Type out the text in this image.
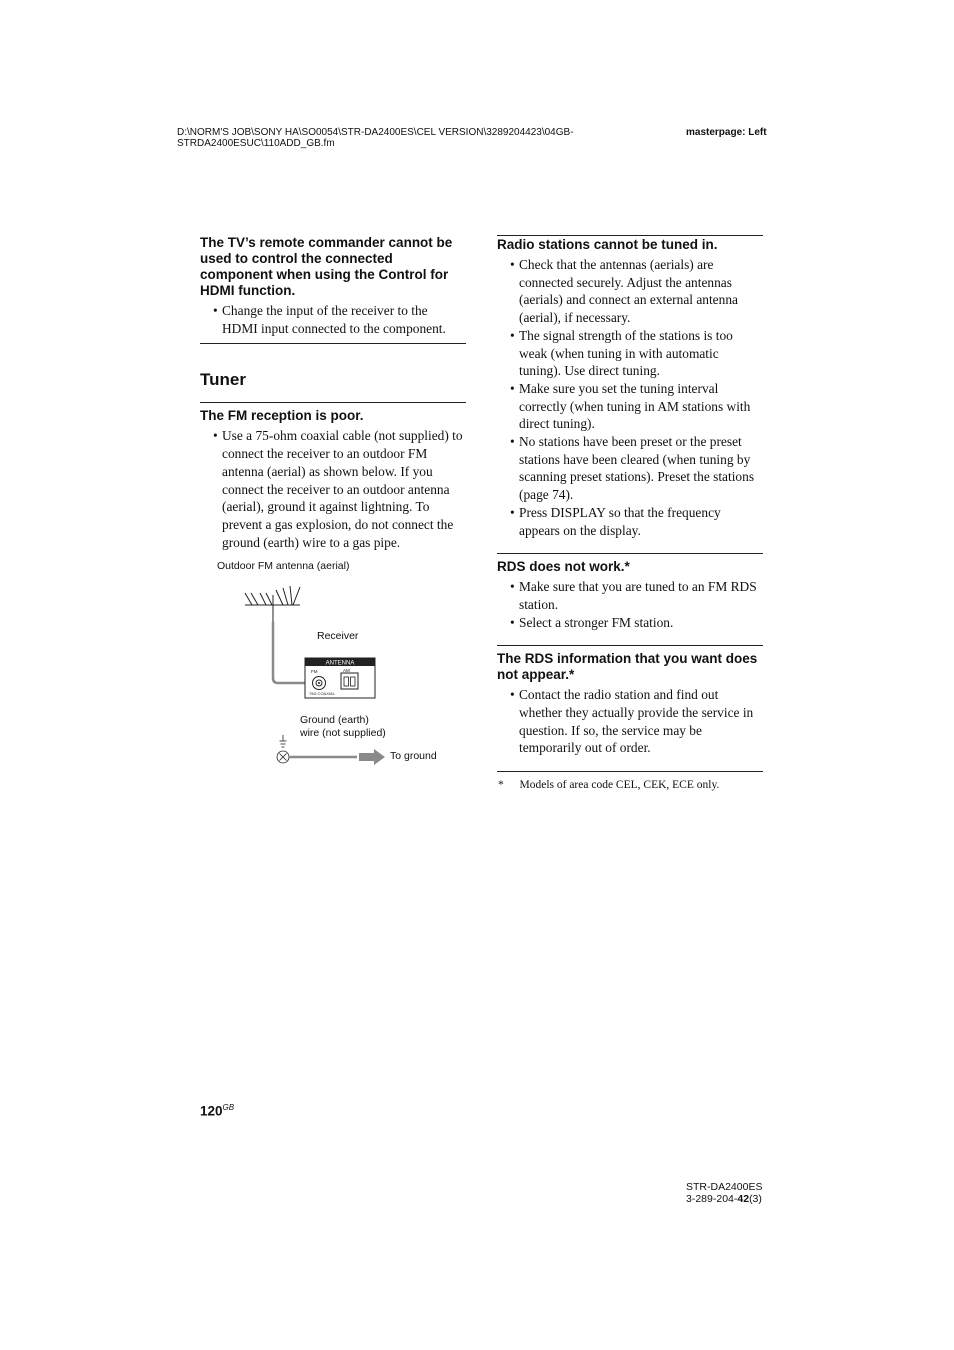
D:\NORM'S JOB\SONY HA\SO0054\STR-DA2400ES\CEL VERSION\3289204423\04GB-
STRDA2400ESUC\110ADD_GB.fm
masterpage: Left
The TV’s remote commander cannot be used to control the connected component when using the Control for HDMI function.
• Change the input of the receiver to the HDMI input connected to the component.
Tuner
The FM reception is poor.
• Use a 75-ohm coaxial cable (not supplied) to connect the receiver to an outdoor FM antenna (aerial) as shown below. If you connect the receiver to an outdoor antenna (aerial), ground it against lightning. To prevent a gas explosion, do not connect the ground (earth) wire to a gas pipe.
Outdoor FM antenna (aerial)
Receiver
Ground (earth)
wire (not supplied)
To ground
ANTENNA
FM	AM
75Ω COAXIAL
Radio stations cannot be tuned in.
• Check that the antennas (aerials) are connected securely. Adjust the antennas (aerials) and connect an external antenna (aerial), if necessary.
• The signal strength of the stations is too weak (when tuning in with automatic tuning). Use direct tuning.
• Make sure you set the tuning interval correctly (when tuning in AM stations with direct tuning).
• No stations have been preset or the preset stations have been cleared (when tuning by scanning preset stations). Preset the stations (page 74).
• Press DISPLAY so that the frequency appears on the display.
RDS does not work.*
• Make sure that you are tuned to an FM RDS station.
• Select a stronger FM station.
The RDS information that you want does not appear.*
• Contact the radio station and find out whether they actually provide the service in question. If so, the service may be temporarily out of order.
* Models of area code CEL, CEK, ECE only.
$120^{GB}$
STR-DA2400ES
3-289-204-42(3)
